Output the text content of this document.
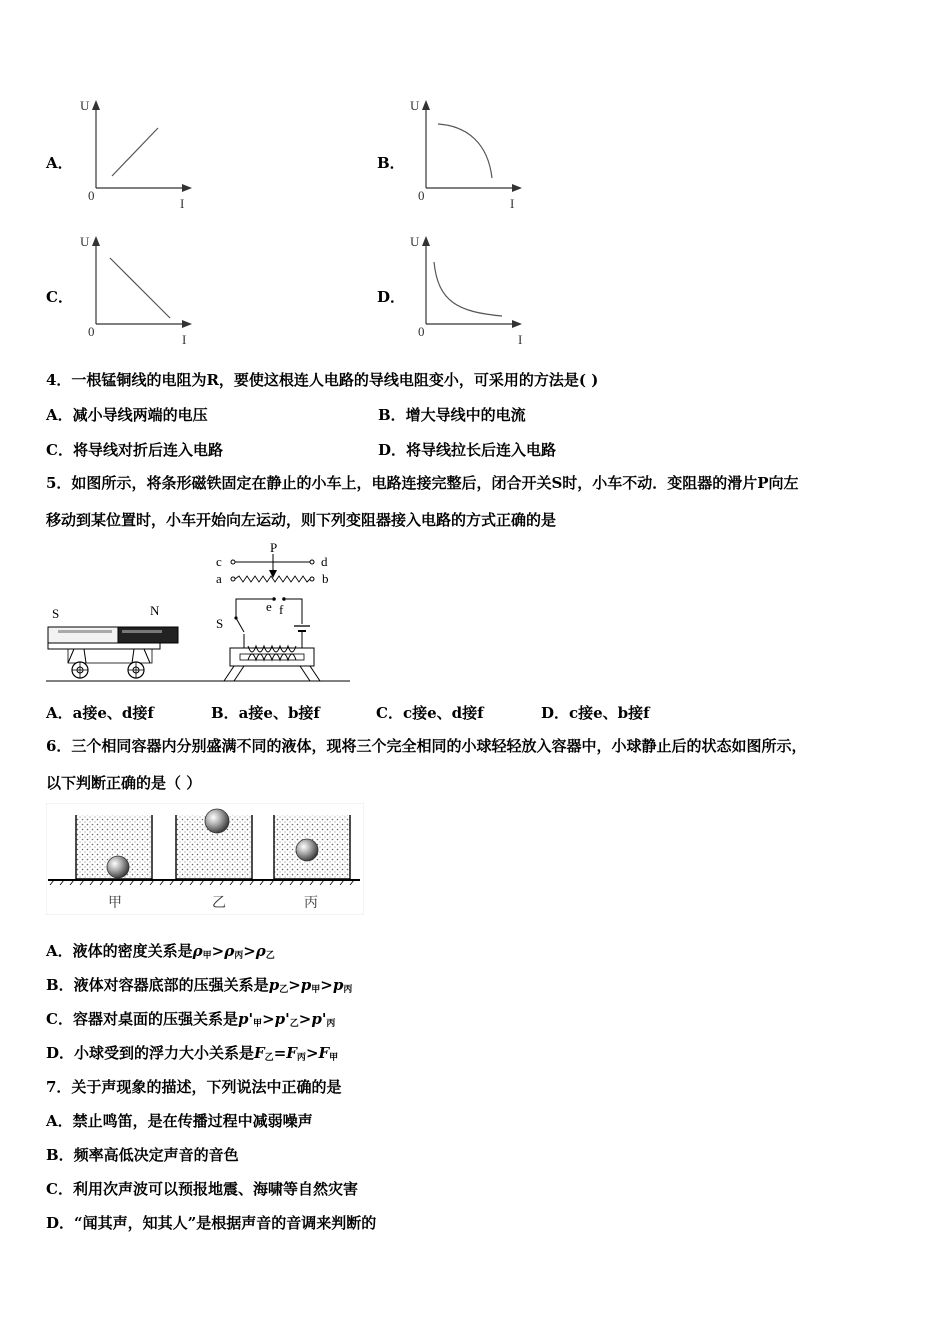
A．
U
0
I
B．
U
0
I
C．
U
0
I
D．
U
0
I
4．一根锰铜线的电阻为R，要使这根连人电路的导线电阻变小，可采用的方法是( )
A．减小导线两端的电压	B．增大导线中的电流
C．将导线对折后连入电路	D．将导线拉长后连入电路
5．如图所示，将条形磁铁固定在静止的小车上，电路连接完整后，闭合开关S时，小车不动．变阻器的滑片P向左
移动到某位置时，小车开始向左运动，则下列变阻器接入电路的方式正确的是
P
c	d
a	b
e f
S
S	N
A．a接e、d接f	B．a接e、b接f	C．c接e、d接f	D．c接e、b接f
6．三个相同容器内分别盛满不同的液体，现将三个完全相同的小球轻轻放入容器中，小球静止后的状态如图所示，
以下判断正确的是（ ）
甲	乙	丙
A．液体的密度关系是$\rho_甲>\rho_丙>\rho_乙$
B．液体对容器底部的压强关系是$p_乙>p_甲>p_丙$
C．容器对桌面的压强关系是$p'_甲>p'_乙>p'_丙$
D．小球受到的浮力大小关系是$F_乙=F_丙>F_甲$
7．关于声现象的描述，下列说法中正确的是
A．禁止鸣笛，是在传播过程中减弱噪声
B．频率高低决定声音的音色
C．利用次声波可以预报地震、海啸等自然灾害
D．“闻其声，知其人”是根据声音的音调来判断的
